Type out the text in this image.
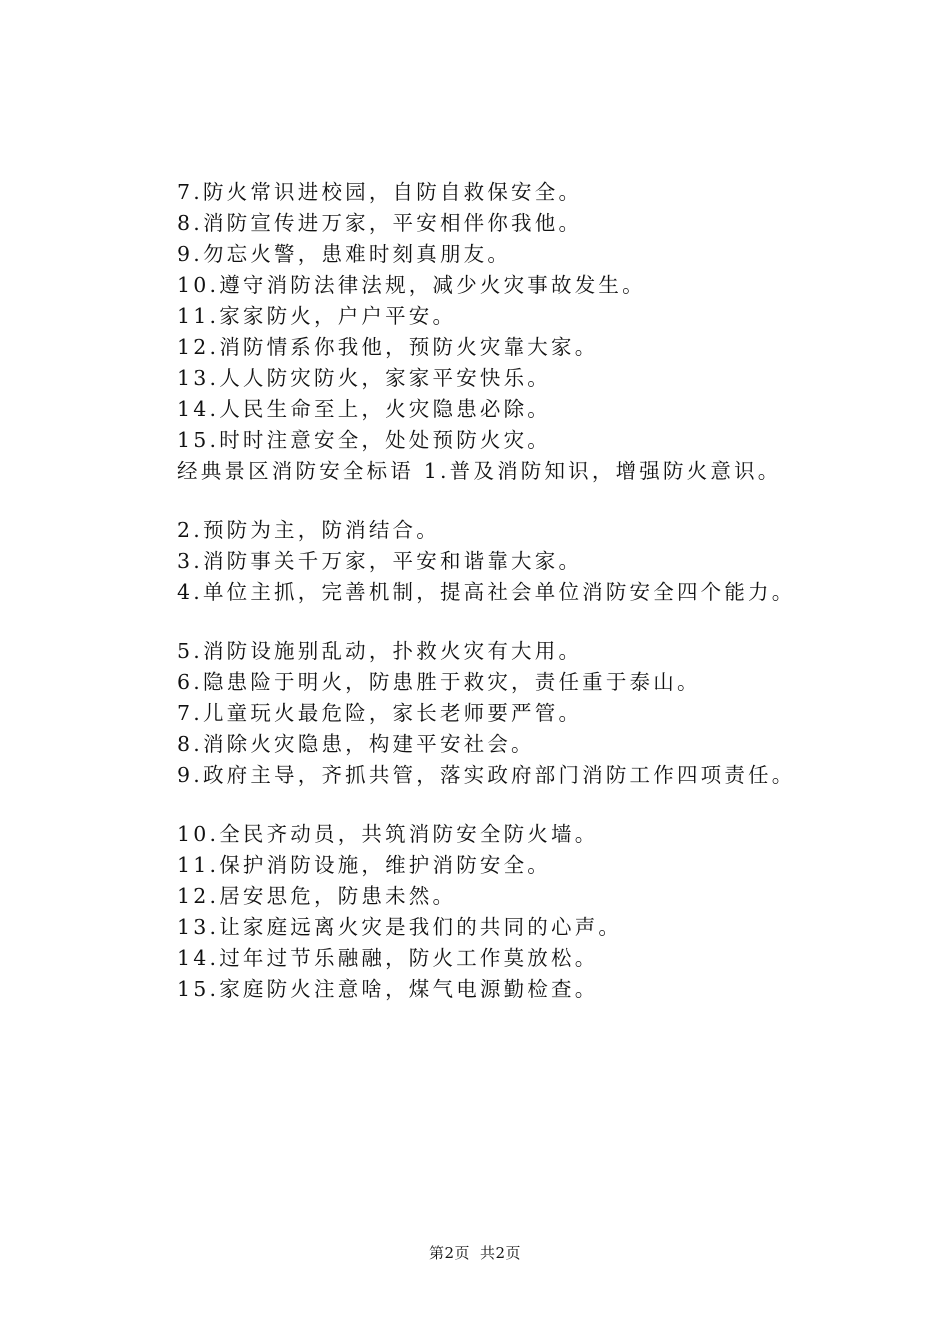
7.防火常识进校园，自防自救保安全。
8.消防宣传进万家，平安相伴你我他。
9.勿忘火警，患难时刻真朋友。
10.遵守消防法律法规，减少火灾事故发生。
11.家家防火，户户平安。
12.消防情系你我他，预防火灾靠大家。
13.人人防灾防火，家家平安快乐。
14.人民生命至上，火灾隐患必除。
15.时时注意安全，处处预防火灾。
经典景区消防安全标语 1.普及消防知识，增强防火意识。
2.预防为主，防消结合。
3.消防事关千万家，平安和谐靠大家。
4.单位主抓，完善机制，提高社会单位消防安全四个能力。
5.消防设施别乱动，扑救火灾有大用。
6.隐患险于明火，防患胜于救灾，责任重于泰山。
7.儿童玩火最危险，家长老师要严管。
8.消除火灾隐患，构建平安社会。
9.政府主导，齐抓共管，落实政府部门消防工作四项责任。
10.全民齐动员，共筑消防安全防火墙。
11.保护消防设施，维护消防安全。
12.居安思危，防患未然。
13.让家庭远离火灾是我们的共同的心声。
14.过年过节乐融融，防火工作莫放松。
15.家庭防火注意啥，煤气电源勤检查。
第2页 共2页
